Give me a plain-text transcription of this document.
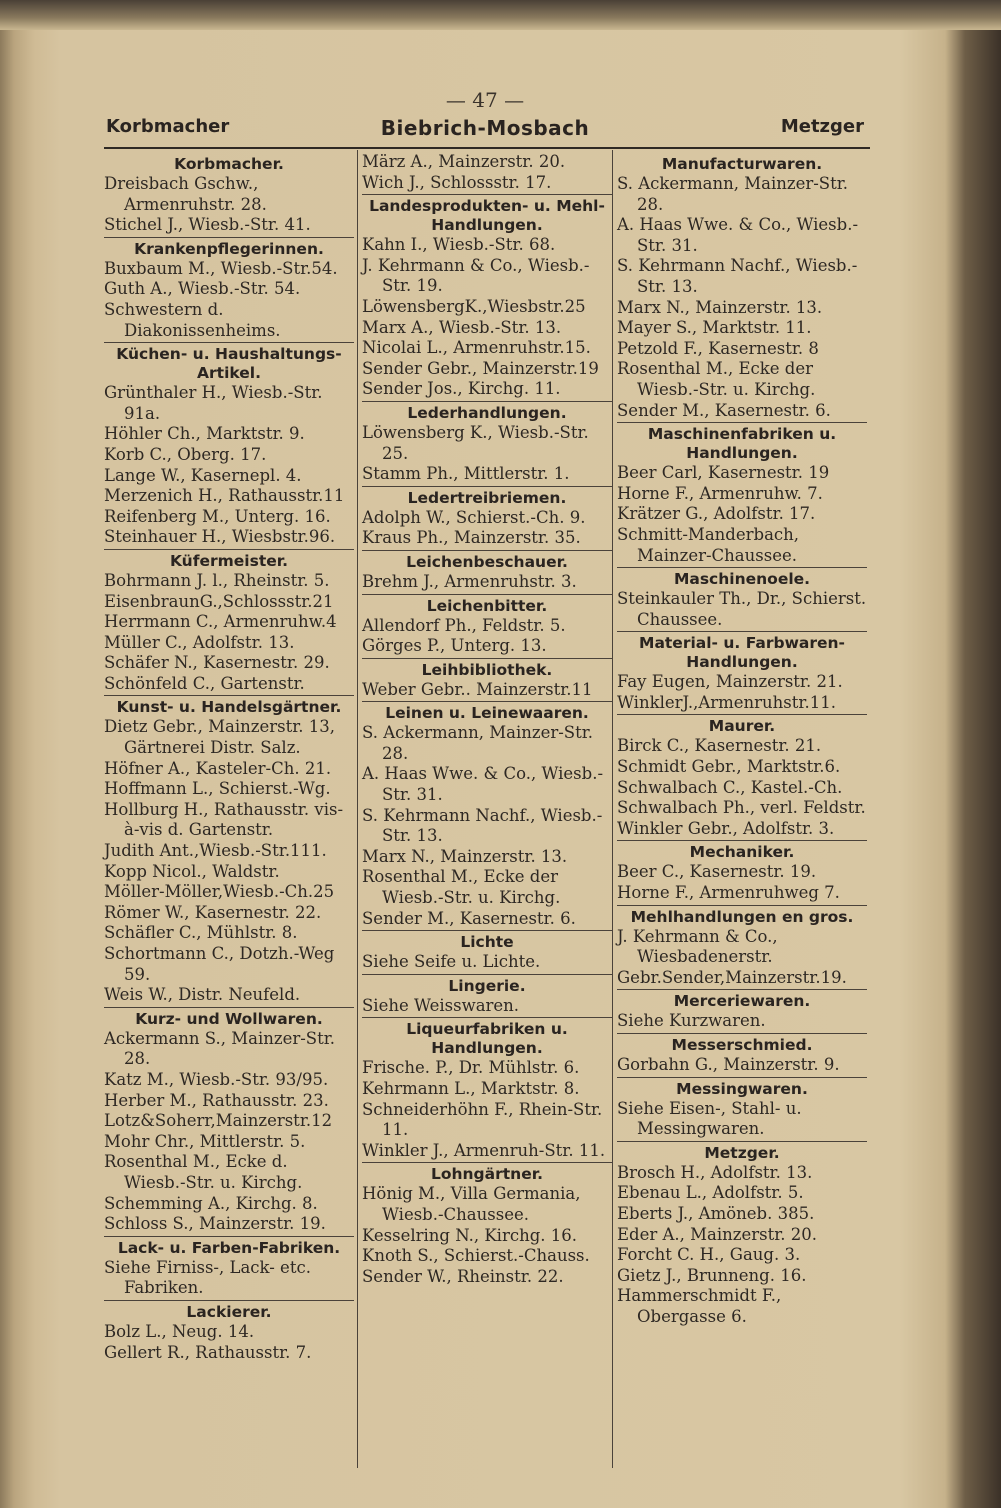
— 47 —
Korbmacher	Biebrich-Mosbach	Metzger
Korbmacher.
Dreisbach Gschw., Armenruhstr. 28.
Stichel J., Wiesb.-Str. 41.
Krankenpflegerinnen.
Buxbaum M., Wiesb.-Str.54.
Guth A., Wiesb.-Str. 54.
Schwestern d. Diakonissenheims.
Küchen- u. Haushaltungs-Artikel.
Grünthaler H., Wiesb.-Str. 91a.
Höhler Ch., Marktstr. 9.
Korb C., Oberg. 17.
Lange W., Kasernepl. 4.
Merzenich H., Rathausstr.11
Reifenberg M., Unterg. 16.
Steinhauer H., Wiesbstr.96.
Küfermeister.
Bohrmann J. l., Rheinstr. 5.
EisenbraunG.,Schlossstr.21
Herrmann C., Armenruhw.4
Müller C., Adolfstr. 13.
Schäfer N., Kasernestr. 29.
Schönfeld C., Gartenstr.
Kunst- u. Handelsgärtner.
Dietz Gebr., Mainzerstr. 13, Gärtnerei Distr. Salz.
Höfner A., Kasteler-Ch. 21.
Hoffmann L., Schierst.-Wg.
Hollburg H., Rathausstr. vis-à-vis d. Gartenstr.
Judith Ant.,Wiesb.-Str.111.
Kopp Nicol., Waldstr.
Möller-Möller,Wiesb.-Ch.25
Römer W., Kasernestr. 22.
Schäfler C., Mühlstr. 8.
Schortmann C., Dotzh.-Weg 59.
Weis W., Distr. Neufeld.
Kurz- und Wollwaren.
Ackermann S., Mainzer-Str. 28.
Katz M., Wiesb.-Str. 93/95.
Herber M., Rathausstr. 23.
Lotz&Soherr,Mainzerstr.12
Mohr Chr., Mittlerstr. 5.
Rosenthal M., Ecke d. Wiesb.-Str. u. Kirchg.
Schemming A., Kirchg. 8.
Schloss S., Mainzerstr. 19.
Lack- u. Farben-Fabriken.
Siehe Firniss-, Lack- etc. Fabriken.
Lackierer.
Bolz L., Neug. 14.
Gellert R., Rathausstr. 7.
März A., Mainzerstr. 20.
Wich J., Schlossstr. 17.
Landesprodukten- u. Mehl-Handlungen.
Kahn I., Wiesb.-Str. 68.
J. Kehrmann & Co., Wiesb.-Str. 19.
LöwensbergK.,Wiesbstr.25
Marx A., Wiesb.-Str. 13.
Nicolai L., Armenruhstr.15.
Sender Gebr., Mainzerstr.19
Sender Jos., Kirchg. 11.
Lederhandlungen.
Löwensberg K., Wiesb.-Str. 25.
Stamm Ph., Mittlerstr. 1.
Ledertreibriemen.
Adolph W., Schierst.-Ch. 9.
Kraus Ph., Mainzerstr. 35.
Leichenbeschauer.
Brehm J., Armenruhstr. 3.
Leichenbitter.
Allendorf Ph., Feldstr. 5.
Görges P., Unterg. 13.
Leihbibliothek.
Weber Gebr.. Mainzerstr.11
Leinen u. Leinewaaren.
S. Ackermann, Mainzer-Str. 28.
A. Haas Wwe. & Co., Wiesb.-Str. 31.
S. Kehrmann Nachf., Wiesb.-Str. 13.
Marx N., Mainzerstr. 13.
Rosenthal M., Ecke der Wiesb.-Str. u. Kirchg.
Sender M., Kasernestr. 6.
Lichte
Siehe Seife u. Lichte.
Lingerie.
Siehe Weisswaren.
Liqueurfabriken u. Handlungen.
Frische. P., Dr. Mühlstr. 6.
Kehrmann L., Marktstr. 8.
Schneiderhöhn F., Rhein-Str. 11.
Winkler J., Armenruh-Str. 11.
Lohngärtner.
Hönig M., Villa Germania, Wiesb.-Chaussee.
Kesselring N., Kirchg. 16.
Knoth S., Schierst.-Chauss.
Sender W., Rheinstr. 22.
Manufacturwaren.
S. Ackermann, Mainzer-Str. 28.
A. Haas Wwe. & Co., Wiesb.-Str. 31.
S. Kehrmann Nachf., Wiesb.-Str. 13.
Marx N., Mainzerstr. 13.
Mayer S., Marktstr. 11.
Petzold F., Kasernestr. 8
Rosenthal M., Ecke der Wiesb.-Str. u. Kirchg.
Sender M., Kasernestr. 6.
Maschinenfabriken u. Handlungen.
Beer Carl, Kasernestr. 19
Horne F., Armenruhw. 7.
Krätzer G., Adolfstr. 17.
Schmitt-Manderbach, Mainzer-Chaussee.
Maschinenoele.
Steinkauler Th., Dr., Schierst. Chaussee.
Material- u. Farbwaren-Handlungen.
Fay Eugen, Mainzerstr. 21.
WinklerJ.,Armenruhstr.11.
Maurer.
Birck C., Kasernestr. 21.
Schmidt Gebr., Marktstr.6.
Schwalbach C., Kastel.-Ch.
Schwalbach Ph., verl. Feldstr.
Winkler Gebr., Adolfstr. 3.
Mechaniker.
Beer C., Kasernestr. 19.
Horne F., Armenruhweg 7.
Mehlhandlungen en gros.
J. Kehrmann & Co., Wiesbadenerstr.
Gebr.Sender,Mainzerstr.19.
Merceriewaren.
Siehe Kurzwaren.
Messerschmied.
Gorbahn G., Mainzerstr. 9.
Messingwaren.
Siehe Eisen-, Stahl- u. Messingwaren.
Metzger.
Brosch H., Adolfstr. 13.
Ebenau L., Adolfstr. 5.
Eberts J., Amöneb. 385.
Eder A., Mainzerstr. 20.
Forcht C. H., Gaug. 3.
Gietz J., Brunneng. 16.
Hammerschmidt F., Obergasse 6.
